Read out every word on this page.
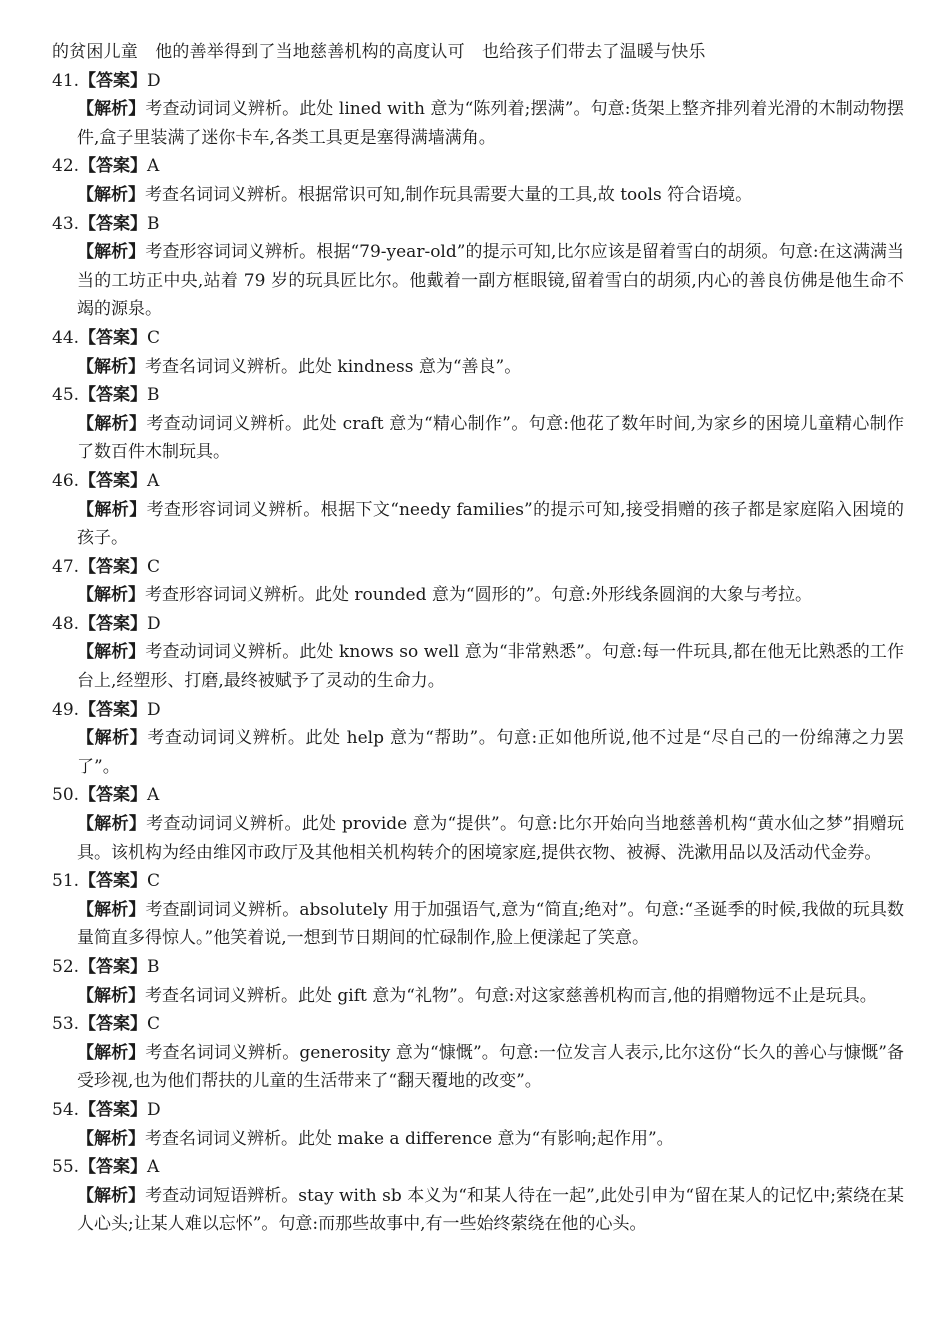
的贫困儿童　他的善举得到了当地慈善机构的高度认可　也给孩子们带去了温暖与快乐
41.【答案】D
【解析】考查动词词义辨析。此处 lined with 意为“陈列着;摆满”。句意:货架上整齐排列着光滑的木制动物摆件,盒子里装满了迷你卡车,各类工具更是塞得满墙满角。
42.【答案】A
【解析】考查名词词义辨析。根据常识可知,制作玩具需要大量的工具,故 tools 符合语境。
43.【答案】B
【解析】考查形容词词义辨析。根据“79-year-old”的提示可知,比尔应该是留着雪白的胡须。句意:在这满满当当的工坊正中央,站着 79 岁的玩具匠比尔。他戴着一副方框眼镜,留着雪白的胡须,内心的善良仿佛是他生命不竭的源泉。
44.【答案】C
【解析】考查名词词义辨析。此处 kindness 意为“善良”。
45.【答案】B
【解析】考查动词词义辨析。此处 craft 意为“精心制作”。句意:他花了数年时间,为家乡的困境儿童精心制作了数百件木制玩具。
46.【答案】A
【解析】考查形容词词义辨析。根据下文“needy families”的提示可知,接受捐赠的孩子都是家庭陷入困境的孩子。
47.【答案】C
【解析】考查形容词词义辨析。此处 rounded 意为“圆形的”。句意:外形线条圆润的大象与考拉。
48.【答案】D
【解析】考查动词词义辨析。此处 knows so well 意为“非常熟悉”。句意:每一件玩具,都在他无比熟悉的工作台上,经塑形、打磨,最终被赋予了灵动的生命力。
49.【答案】D
【解析】考查动词词义辨析。此处 help 意为“帮助”。句意:正如他所说,他不过是“尽自己的一份绵薄之力罢了”。
50.【答案】A
【解析】考查动词词义辨析。此处 provide 意为“提供”。句意:比尔开始向当地慈善机构“黄水仙之梦”捐赠玩具。该机构为经由维冈市政厅及其他相关机构转介的困境家庭,提供衣物、被褥、洗漱用品以及活动代金券。
51.【答案】C
【解析】考查副词词义辨析。absolutely 用于加强语气,意为“简直;绝对”。句意:“圣诞季的时候,我做的玩具数量简直多得惊人。”他笑着说,一想到节日期间的忙碌制作,脸上便漾起了笑意。
52.【答案】B
【解析】考查名词词义辨析。此处 gift 意为“礼物”。句意:对这家慈善机构而言,他的捐赠物远不止是玩具。
53.【答案】C
【解析】考查名词词义辨析。generosity 意为“慷慨”。句意:一位发言人表示,比尔这份“长久的善心与慷慨”备受珍视,也为他们帮扶的儿童的生活带来了“翻天覆地的改变”。
54.【答案】D
【解析】考查名词词义辨析。此处 make a difference 意为“有影响;起作用”。
55.【答案】A
【解析】考查动词短语辨析。stay with sb 本义为“和某人待在一起”,此处引申为“留在某人的记忆中;萦绕在某人心头;让某人难以忘怀”。句意:而那些故事中,有一些始终萦绕在他的心头。
